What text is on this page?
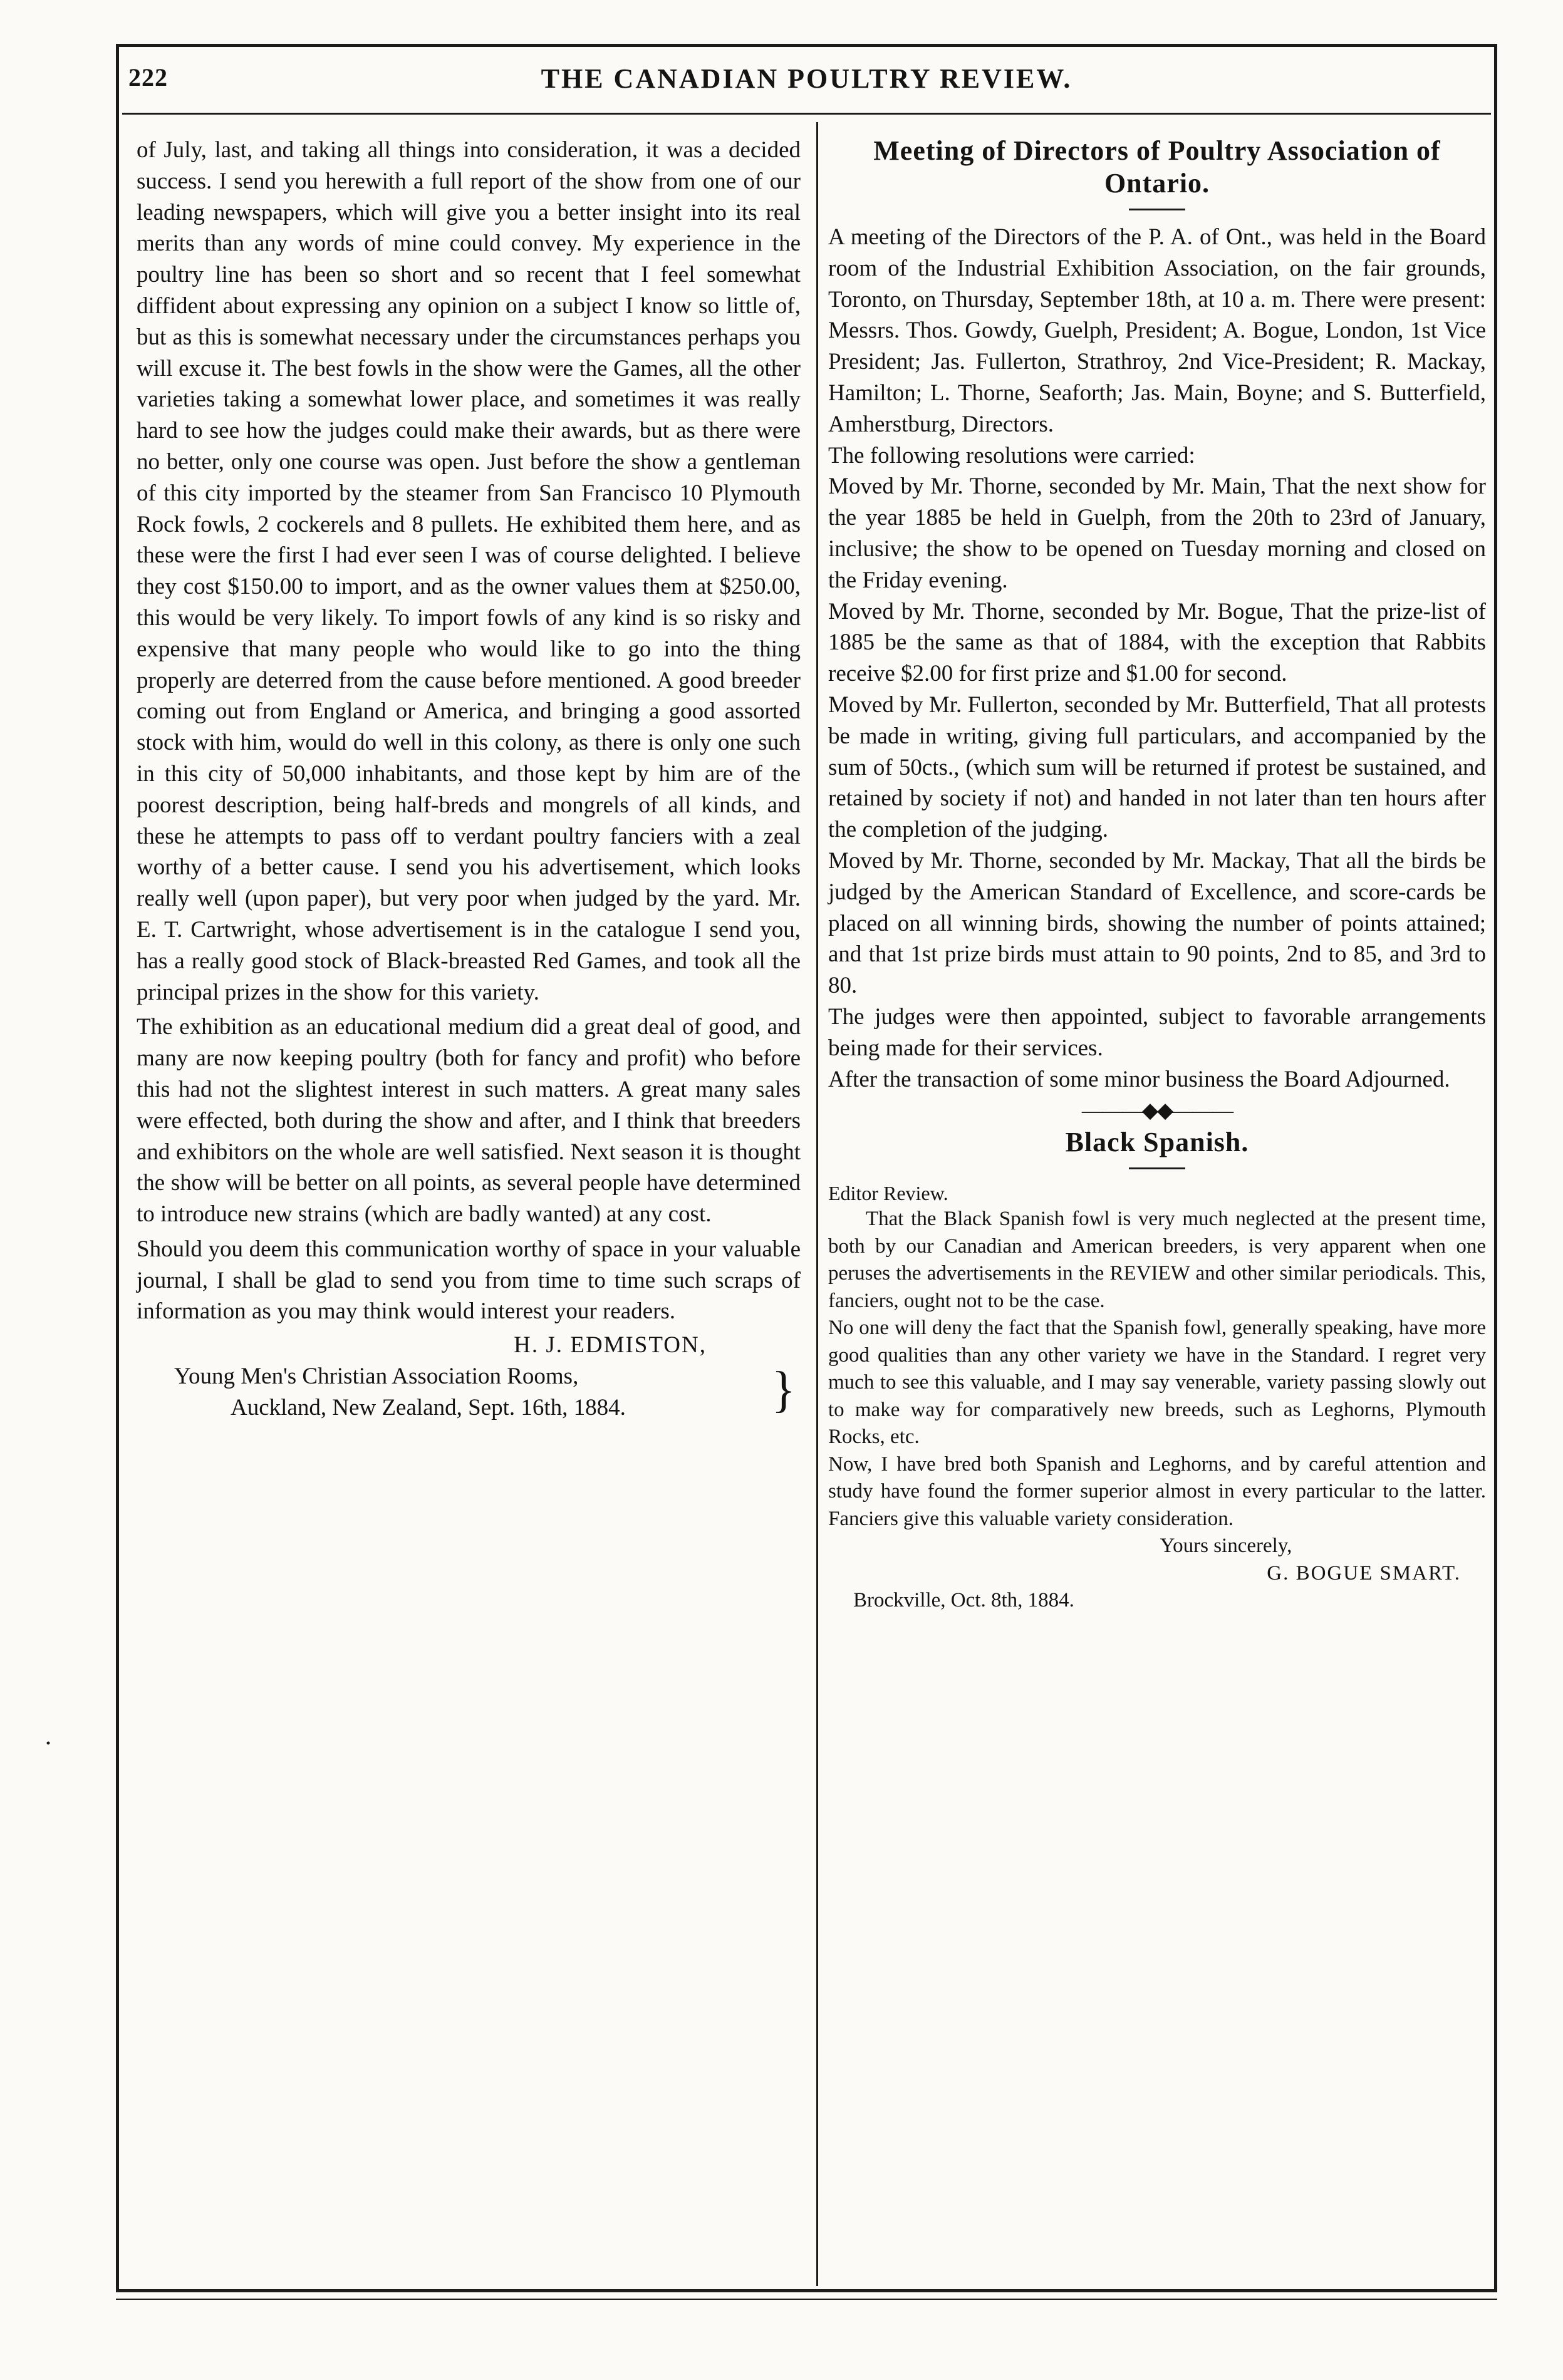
222	THE CANADIAN POULTRY REVIEW.

of July, last, and taking all things into consideration, it was a decided success. I send you herewith a full report of the show from one of our leading newspapers, which will give you a better insight into its real merits than any words of mine could convey. My experience in the poultry line has been so short and so recent that I feel somewhat diffident about expressing any opinion on a subject I know so little of, but as this is somewhat necessary under the circumstances perhaps you will excuse it. The best fowls in the show were the Games, all the other varieties taking a somewhat lower place, and sometimes it was really hard to see how the judges could make their awards, but as there were no better, only one course was open. Just before the show a gentleman of this city imported by the steamer from San Francisco 10 Plymouth Rock fowls, 2 cockerels and 8 pullets. He exhibited them here, and as these were the first I had ever seen I was of course delighted. I believe they cost $150.00 to import, and as the owner values them at $250.00, this would be very likely. To import fowls of any kind is so risky and expensive that many people who would like to go into the thing properly are deterred from the cause before mentioned. A good breeder coming out from England or America, and bringing a good assorted stock with him, would do well in this colony, as there is only one such in this city of 50,000 inhabitants, and those kept by him are of the poorest description, being half-breds and mongrels of all kinds, and these he attempts to pass off to verdant poultry fanciers with a zeal worthy of a better cause. I send you his advertisement, which looks really well (upon paper), but very poor when judged by the yard. Mr. E. T. Cartwright, whose advertisement is in the catalogue I send you, has a really good stock of Black-breasted Red Games, and took all the principal prizes in the show for this variety.

The exhibition as an educational medium did a great deal of good, and many are now keeping poultry (both for fancy and profit) who before this had not the slightest interest in such matters. A great many sales were effected, both during the show and after, and I think that breeders and exhibitors on the whole are well satisfied. Next season it is thought the show will be better on all points, as several people have determined to introduce new strains (which are badly wanted) at any cost.

Should you deem this communication worthy of space in your valuable journal, I shall be glad to send you from time to time such scraps of information as you may think would interest your readers.

H. J. EDMISTON,
Young Men's Christian Association Rooms,
Auckland, New Zealand, Sept. 16th, 1884.	}
Meeting of Directors of Poultry Association of Ontario.

A meeting of the Directors of the P. A. of Ont., was held in the Board room of the Industrial Exhibition Association, on the fair grounds, Toronto, on Thursday, September 18th, at 10 a. m. There were present: Messrs. Thos. Gowdy, Guelph, President; A. Bogue, London, 1st Vice President; Jas. Fullerton, Strathroy, 2nd Vice-President; R. Mackay, Hamilton; L. Thorne, Seaforth; Jas. Main, Boyne; and S. Butterfield, Amherstburg, Directors.

The following resolutions were carried:

Moved by Mr. Thorne, seconded by Mr. Main, That the next show for the year 1885 be held in Guelph, from the 20th to 23rd of January, inclusive; the show to be opened on Tuesday morning and closed on the Friday evening.

Moved by Mr. Thorne, seconded by Mr. Bogue, That the prize-list of 1885 be the same as that of 1884, with the exception that Rabbits receive $2.00 for first prize and $1.00 for second.

Moved by Mr. Fullerton, seconded by Mr. Butterfield, That all protests be made in writing, giving full particulars, and accompanied by the sum of 50cts., (which sum will be returned if protest be sustained, and retained by society if not) and handed in not later than ten hours after the completion of the judging.

Moved by Mr. Thorne, seconded by Mr. Mackay, That all the birds be judged by the American Standard of Excellence, and score-cards be placed on all winning birds, showing the number of points attained; and that 1st prize birds must attain to 90 points, 2nd to 85, and 3rd to 80.

The judges were then appointed, subject to favorable arrangements being made for their services.

After the transaction of some minor business the Board Adjourned.

———◆◆———
Black Spanish.
Editor Review.

That the Black Spanish fowl is very much neglected at the present time, both by our Canadian and American breeders, is very apparent when one peruses the advertisements in the REVIEW and other similar periodicals. This, fanciers, ought not to be the case.

No one will deny the fact that the Spanish fowl, generally speaking, have more good qualities than any other variety we have in the Standard. I regret very much to see this valuable, and I may say venerable, variety passing slowly out to make way for comparatively new breeds, such as Leghorns, Plymouth Rocks, etc.

Now, I have bred both Spanish and Leghorns, and by careful attention and study have found the former superior almost in every particular to the latter. Fanciers give this valuable variety consideration.

Yours sincerely,
G. BOGUE SMART.
Brockville, Oct. 8th, 1884.
·
